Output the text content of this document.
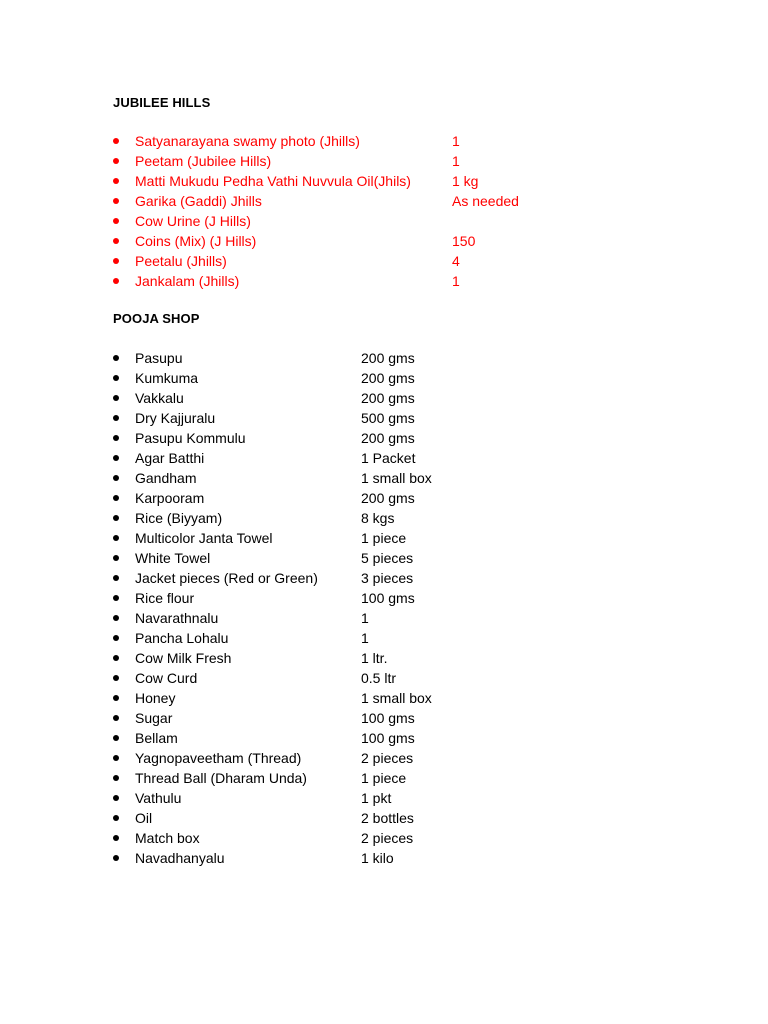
JUBILEE HILLS
Satyanarayana swamy photo (Jhills)	1
Peetam (Jubilee Hills)	1
Matti Mukudu Pedha Vathi Nuvvula Oil(Jhils)	1 kg
Garika (Gaddi) Jhills	As needed
Cow Urine (J Hills)
Coins (Mix) (J Hills)	150
Peetalu (Jhills)	4
Jankalam (Jhills)	1
POOJA SHOP
Pasupu	200 gms
Kumkuma	200 gms
Vakkalu	200 gms
Dry Kajjuralu	500 gms
Pasupu Kommulu	200 gms
Agar Batthi	1 Packet
Gandham	1 small box
Karpooram	200 gms
Rice (Biyyam)	8 kgs
Multicolor Janta Towel	1 piece
White Towel	5 pieces
Jacket pieces (Red or Green)	3 pieces
Rice flour	100 gms
Navarathnalu	1
Pancha Lohalu	1
Cow Milk Fresh	1 ltr.
Cow Curd	0.5 ltr
Honey	1 small box
Sugar	100 gms
Bellam	100 gms
Yagnopaveetham (Thread)	2 pieces
Thread Ball (Dharam Unda)	1 piece
Vathulu	1 pkt
Oil	2 bottles
Match box	2 pieces
Navadhanyalu	1 kilo
